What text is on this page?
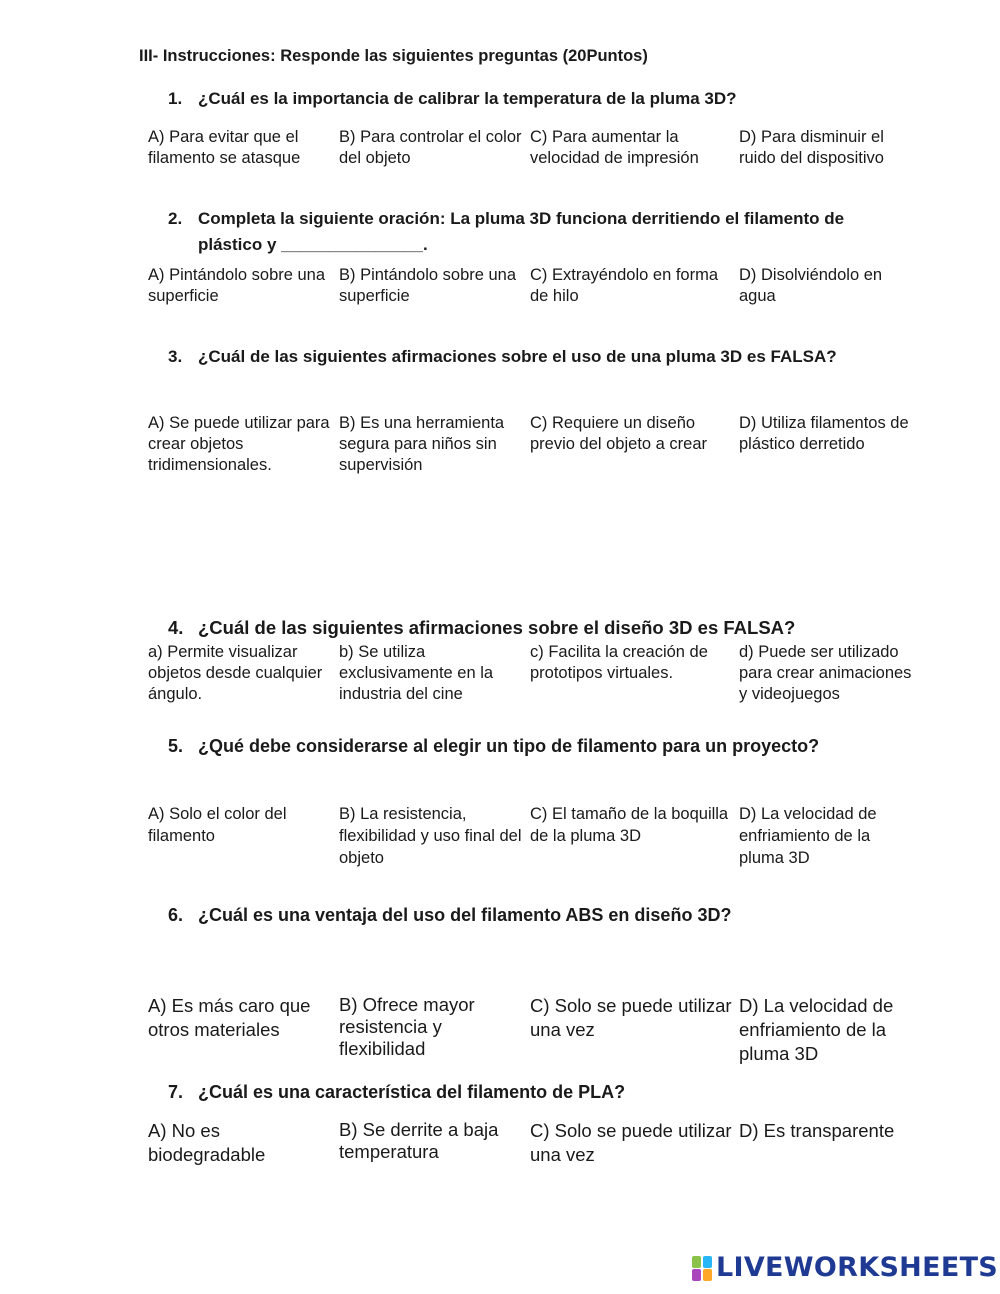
III- Instrucciones: Responde las siguientes preguntas (20Puntos)
1. ¿Cuál es la importancia de calibrar la temperatura de la pluma 3D?
A) Para evitar que el filamento se atasque
B) Para controlar el color del objeto
C) Para aumentar la velocidad de impresión
D) Para disminuir el ruido del dispositivo
2. Completa la siguiente oración: La pluma 3D funciona derritiendo el filamento de plástico y _______________.
A) Pintándolo sobre una superficie
B) Pintándolo sobre una superficie
C) Extrayéndolo en forma de hilo
D) Disolviéndolo en agua
3. ¿Cuál de las siguientes afirmaciones sobre el uso de una pluma 3D es FALSA?
A) Se puede utilizar para crear objetos tridimensionales.
B) Es una herramienta segura para niños sin supervisión
C) Requiere un diseño previo del objeto a crear
D) Utiliza filamentos de plástico derretido
4. ¿Cuál de las siguientes afirmaciones sobre el diseño 3D es FALSA?
a) Permite visualizar objetos desde cualquier ángulo.
b) Se utiliza exclusivamente en la industria del cine
c) Facilita la creación de prototipos virtuales.
d) Puede ser utilizado para crear animaciones y videojuegos
5. ¿Qué debe considerarse al elegir un tipo de filamento para un proyecto?
A) Solo el color del filamento
B) La resistencia, flexibilidad y uso final del objeto
C) El tamaño de la boquilla de la pluma 3D
D) La velocidad de enfriamiento de la pluma 3D
6. ¿Cuál es una ventaja del uso del filamento ABS en diseño 3D?
A) Es más caro que otros materiales
B) Ofrece mayor resistencia y flexibilidad
C) Solo se puede utilizar una vez
D) La velocidad de enfriamiento de la pluma 3D
7. ¿Cuál es una característica del filamento de PLA?
A) No es biodegradable
B) Se derrite a baja temperatura
C) Solo se puede utilizar una vez
D) Es transparente
LIVEWORKSHEETS
